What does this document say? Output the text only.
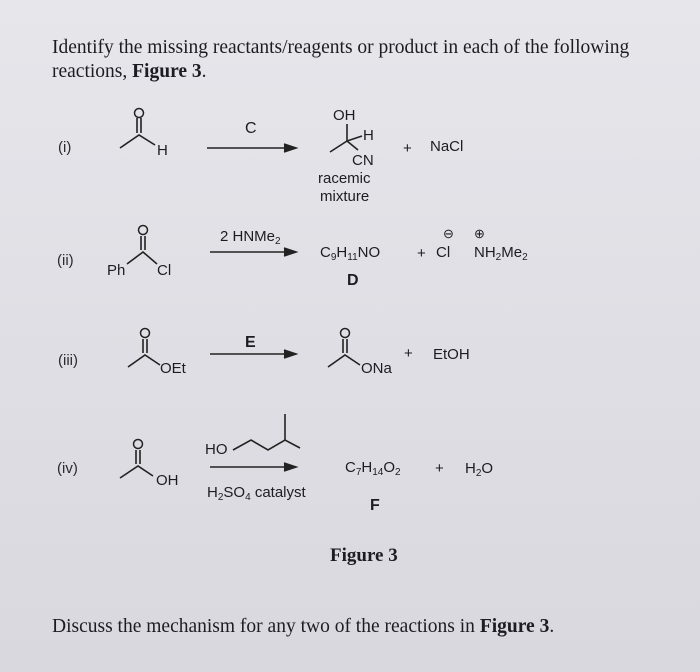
Identify the missing reactants/reagents or product in each of the following reactions, Figure 3.
(i)	H
C
OH
H
CN
racemic
mixture
+ NaCl
(ii)
Ph Cl
2 HNMe$_2$
$C_9H_{11}NO$
D
+ Cl
⊖ ⊕
$NH_2Me_2$
(iii)	OEt
E
ONa
+ EtOH
(iv)
OH
HO
$H_2SO_4$ catalyst
$C_7H_{14}O_2$
F
+ $H_2O$
Figure 3
Discuss the mechanism for any two of the reactions in Figure 3.
